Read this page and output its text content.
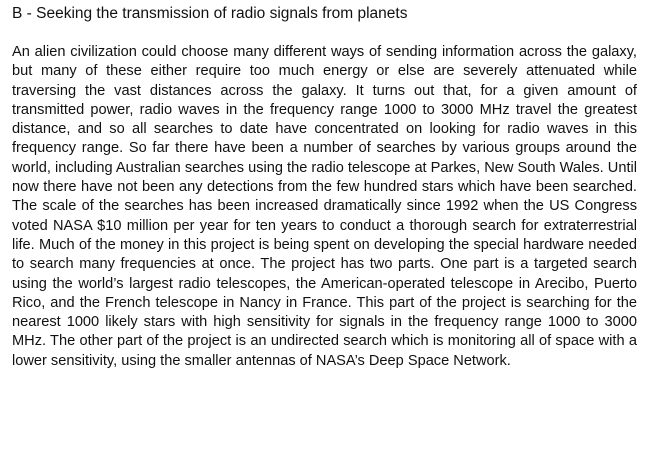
B - Seeking the transmission of radio signals from planets

An alien civilization could choose many different ways of sending information across the galaxy, but many of these either require too much energy or else are severely attenuated while traversing the vast distances across the galaxy. It turns out that, for a given amount of transmitted power, radio waves in the frequency range 1000 to 3000 MHz travel the greatest distance, and so all searches to date have concentrated on looking for radio waves in this frequency range. So far there have been a number of searches by various groups around the world, including Australian searches using the radio telescope at Parkes, New South Wales. Until now there have not been any detections from the few hundred stars which have been searched. The scale of the searches has been increased dramatically since 1992 when the US Congress voted NASA $10 million per year for ten years to conduct a thorough search for extraterrestrial life. Much of the money in this project is being spent on developing the special hardware needed to search many frequencies at once. The project has two parts. One part is a targeted search using the world’s largest radio telescopes, the American-operated telescope in Arecibo, Puerto Rico, and the French telescope in Nancy in France. This part of the project is searching for the nearest 1000 likely stars with high sensitivity for signals in the frequency range 1000 to 3000 MHz. The other part of the project is an undirected search which is monitoring all of space with a lower sensitivity, using the smaller antennas of NASA’s Deep Space Network.
